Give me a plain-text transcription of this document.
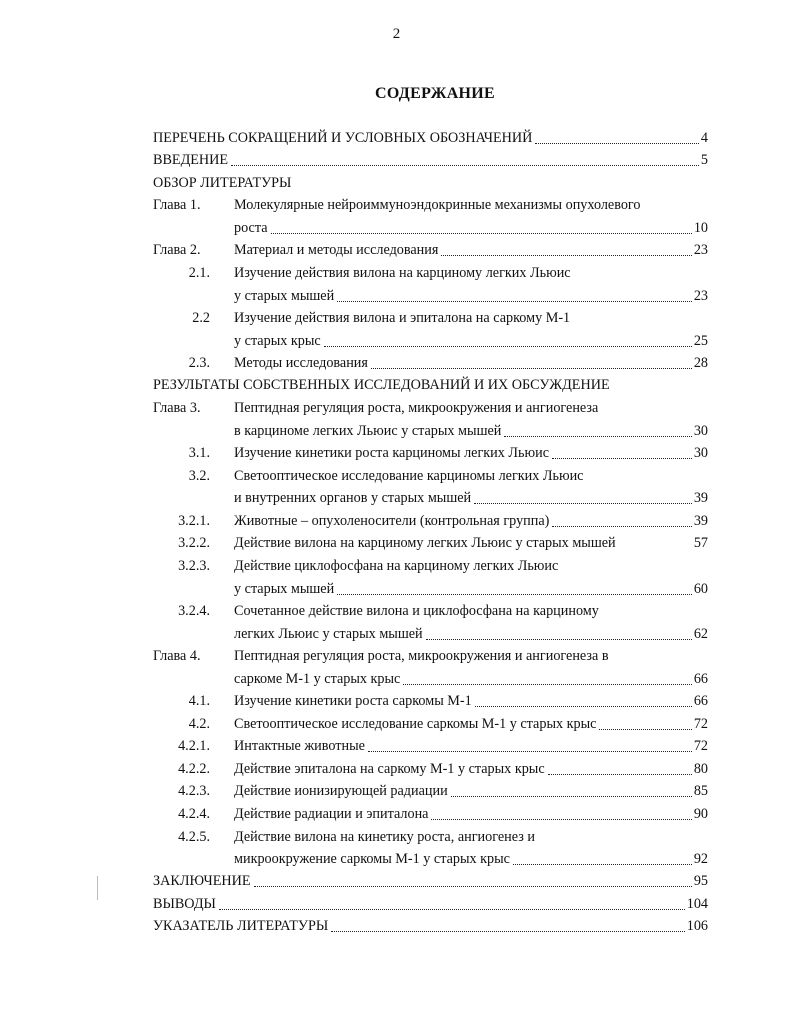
2
СОДЕРЖАНИЕ
ПЕРЕЧЕНЬ СОКРАЩЕНИЙ И УСЛОВНЫХ ОБОЗНАЧЕНИЙ	4
ВВЕДЕНИЕ	5
ОБЗОР ЛИТЕРАТУРЫ
Глава 1. Молекулярные нейроиммуноэндокринные механизмы опухолевого
роста	10
Глава 2. Материал и методы исследования	23
2.1. Изучение действия вилона на карциному легких Льюис
у старых мышей	23
2.2 Изучение действия вилона и эпиталона на саркому М-1
у старых крыс	25
2.3. Методы исследования	28
РЕЗУЛЬТАТЫ СОБСТВЕННЫХ ИССЛЕДОВАНИЙ И ИХ ОБСУЖДЕНИЕ
Глава 3. Пептидная регуляция роста, микроокружения и ангиогенеза
в карциноме легких Льюис у старых мышей	30
3.1. Изучение кинетики роста карциномы легких Льюис	30
3.2. Светооптическое исследование карциномы легких Льюис
и внутренних органов у старых мышей	39
3.2.1. Животные – опухоленосители (контрольная группа)	39
3.2.2. Действие вилона на карциному легких Льюис у старых мышей	57
3.2.3. Действие циклофосфана на карциному легких Льюис
у старых мышей	60
3.2.4. Сочетанное действие вилона и циклофосфана на карциному
легких Льюис у старых мышей	62
Глава 4. Пептидная регуляция роста, микроокружения и ангиогенеза в
саркоме М-1 у старых крыс	66
4.1. Изучение кинетики роста саркомы М-1	66
4.2. Светооптическое исследование саркомы М-1 у старых крыс	72
4.2.1. Интактные животные	72
4.2.2. Действие эпиталона на саркому М-1 у старых крыс	80
4.2.3. Действие ионизирующей радиации	85
4.2.4. Действие радиации и эпиталона	90
4.2.5. Действие вилона на кинетику роста, ангиогенез и
микроокружение саркомы М-1 у старых крыс	92
ЗАКЛЮЧЕНИЕ	95
ВЫВОДЫ	104
УКАЗАТЕЛЬ ЛИТЕРАТУРЫ	106
